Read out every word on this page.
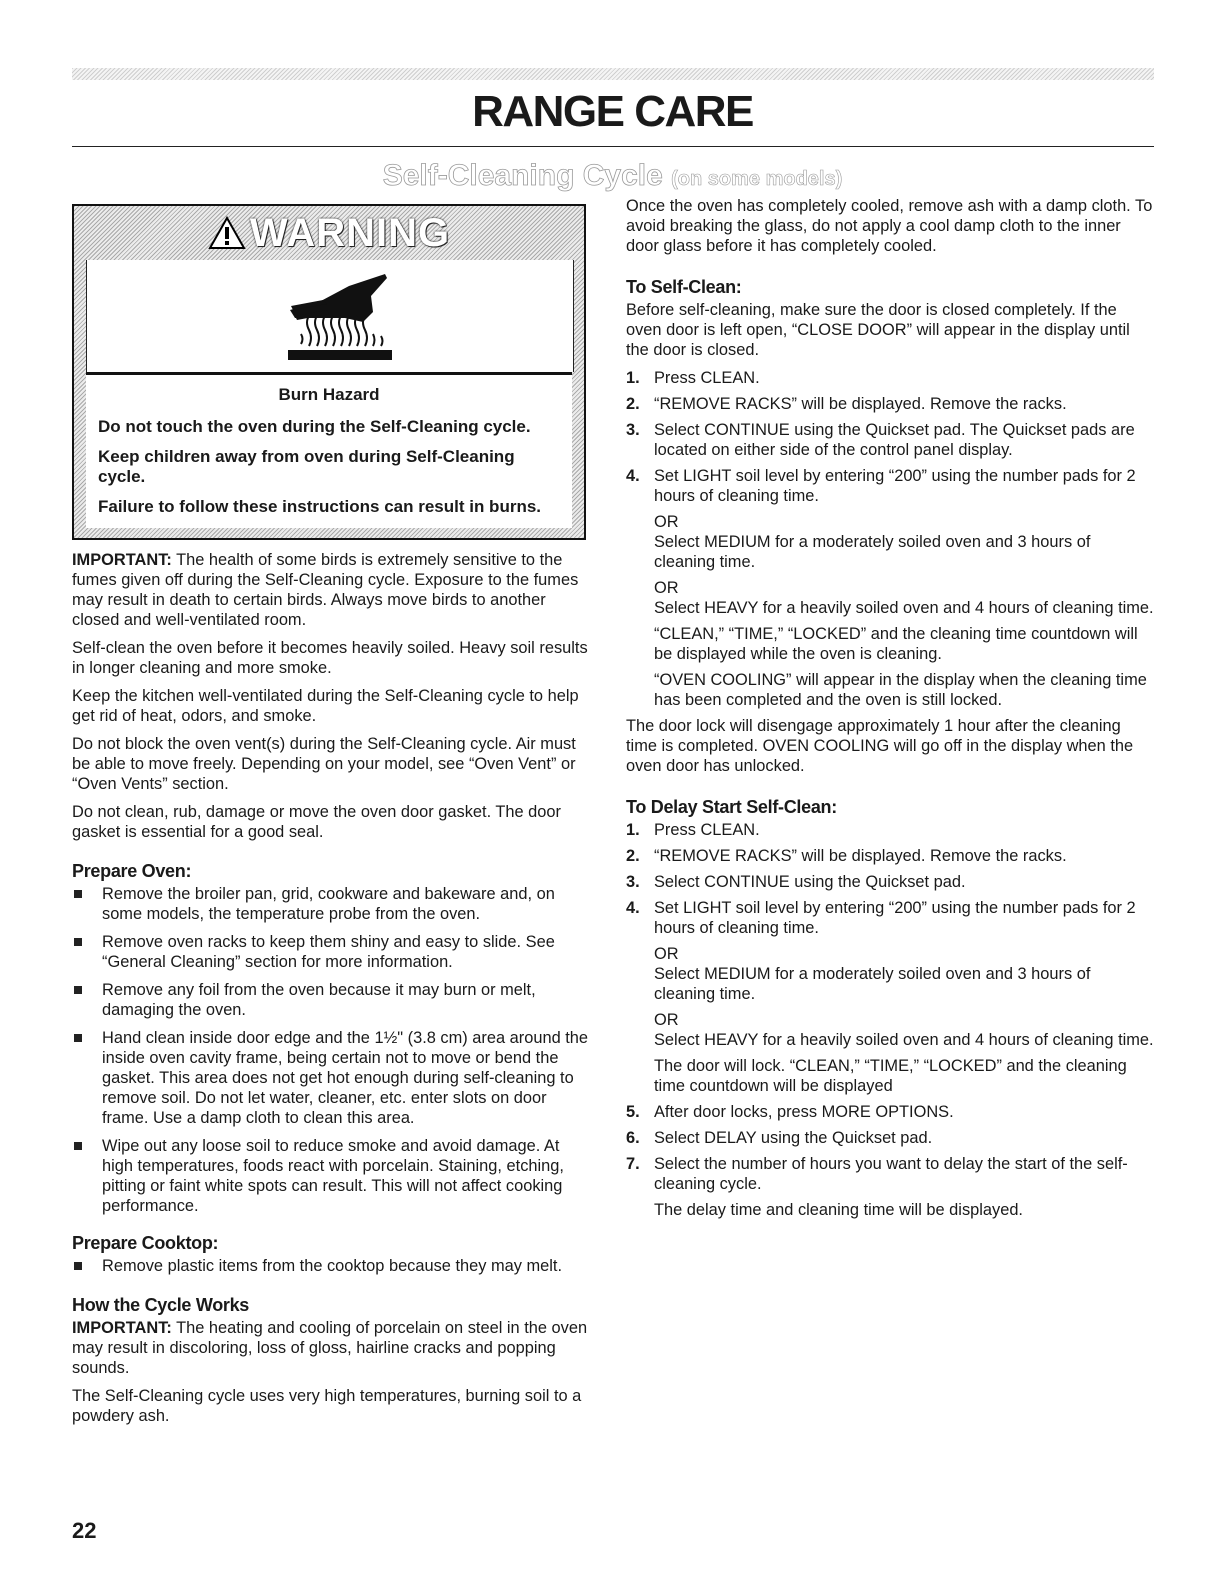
RANGE CARE
Self-Cleaning Cycle (on some models)
WARNING

Burn Hazard

Do not touch the oven during the Self-Cleaning cycle.

Keep children away from oven during Self-Cleaning cycle.

Failure to follow these instructions can result in burns.

IMPORTANT: The health of some birds is extremely sensitive to the fumes given off during the Self-Cleaning cycle. Exposure to the fumes may result in death to certain birds. Always move birds to another closed and well-ventilated room.

Self-clean the oven before it becomes heavily soiled. Heavy soil results in longer cleaning and more smoke.

Keep the kitchen well-ventilated during the Self-Cleaning cycle to help get rid of heat, odors, and smoke.

Do not block the oven vent(s) during the Self-Cleaning cycle. Air must be able to move freely. Depending on your model, see “Oven Vent” or “Oven Vents” section.

Do not clean, rub, damage or move the oven door gasket. The door gasket is essential for a good seal.

Prepare Oven:
Remove the broiler pan, grid, cookware and bakeware and, on some models, the temperature probe from the oven.
Remove oven racks to keep them shiny and easy to slide. See “General Cleaning” section for more information.
Remove any foil from the oven because it may burn or melt, damaging the oven.
Hand clean inside door edge and the 1½" (3.8 cm) area around the inside oven cavity frame, being certain not to move or bend the gasket. This area does not get hot enough during self-cleaning to remove soil. Do not let water, cleaner, etc. enter slots on door frame. Use a damp cloth to clean this area.
Wipe out any loose soil to reduce smoke and avoid damage. At high temperatures, foods react with porcelain. Staining, etching, pitting or faint white spots can result. This will not affect cooking performance.
Prepare Cooktop:
Remove plastic items from the cooktop because they may melt.
How the Cycle Works

IMPORTANT: The heating and cooling of porcelain on steel in the oven may result in discoloring, loss of gloss, hairline cracks and popping sounds.

The Self-Cleaning cycle uses very high temperatures, burning soil to a powdery ash.

Once the oven has completely cooled, remove ash with a damp cloth. To avoid breaking the glass, do not apply a cool damp cloth to the inner door glass before it has completely cooled.

To Self-Clean:

Before self-cleaning, make sure the door is closed completely. If the oven door is left open, “CLOSE DOOR” will appear in the display until the door is closed.

1. Press CLEAN.
2. “REMOVE RACKS” will be displayed. Remove the racks.
3. Select CONTINUE using the Quickset pad. The Quickset pads are located on either side of the control panel display.
4. Set LIGHT soil level by entering “200” using the number pads for 2 hours of cleaning time.
OR
Select MEDIUM for a moderately soiled oven and 3 hours of cleaning time.
OR
Select HEAVY for a heavily soiled oven and 4 hours of cleaning time.
“CLEAN,” “TIME,” “LOCKED” and the cleaning time countdown will be displayed while the oven is cleaning.
“OVEN COOLING” will appear in the display when the cleaning time has been completed and the oven is still locked.

The door lock will disengage approximately 1 hour after the cleaning time is completed. OVEN COOLING will go off in the display when the oven door has unlocked.

To Delay Start Self-Clean:
1. Press CLEAN.
2. “REMOVE RACKS” will be displayed. Remove the racks.
3. Select CONTINUE using the Quickset pad.
4. Set LIGHT soil level by entering “200” using the number pads for 2 hours of cleaning time.
OR
Select MEDIUM for a moderately soiled oven and 3 hours of cleaning time.
OR
Select HEAVY for a heavily soiled oven and 4 hours of cleaning time.
The door will lock. “CLEAN,” “TIME,” “LOCKED” and the cleaning time countdown will be displayed
5. After door locks, press MORE OPTIONS.
6. Select DELAY using the Quickset pad.
7. Select the number of hours you want to delay the start of the self-cleaning cycle.
The delay time and cleaning time will be displayed.

22
